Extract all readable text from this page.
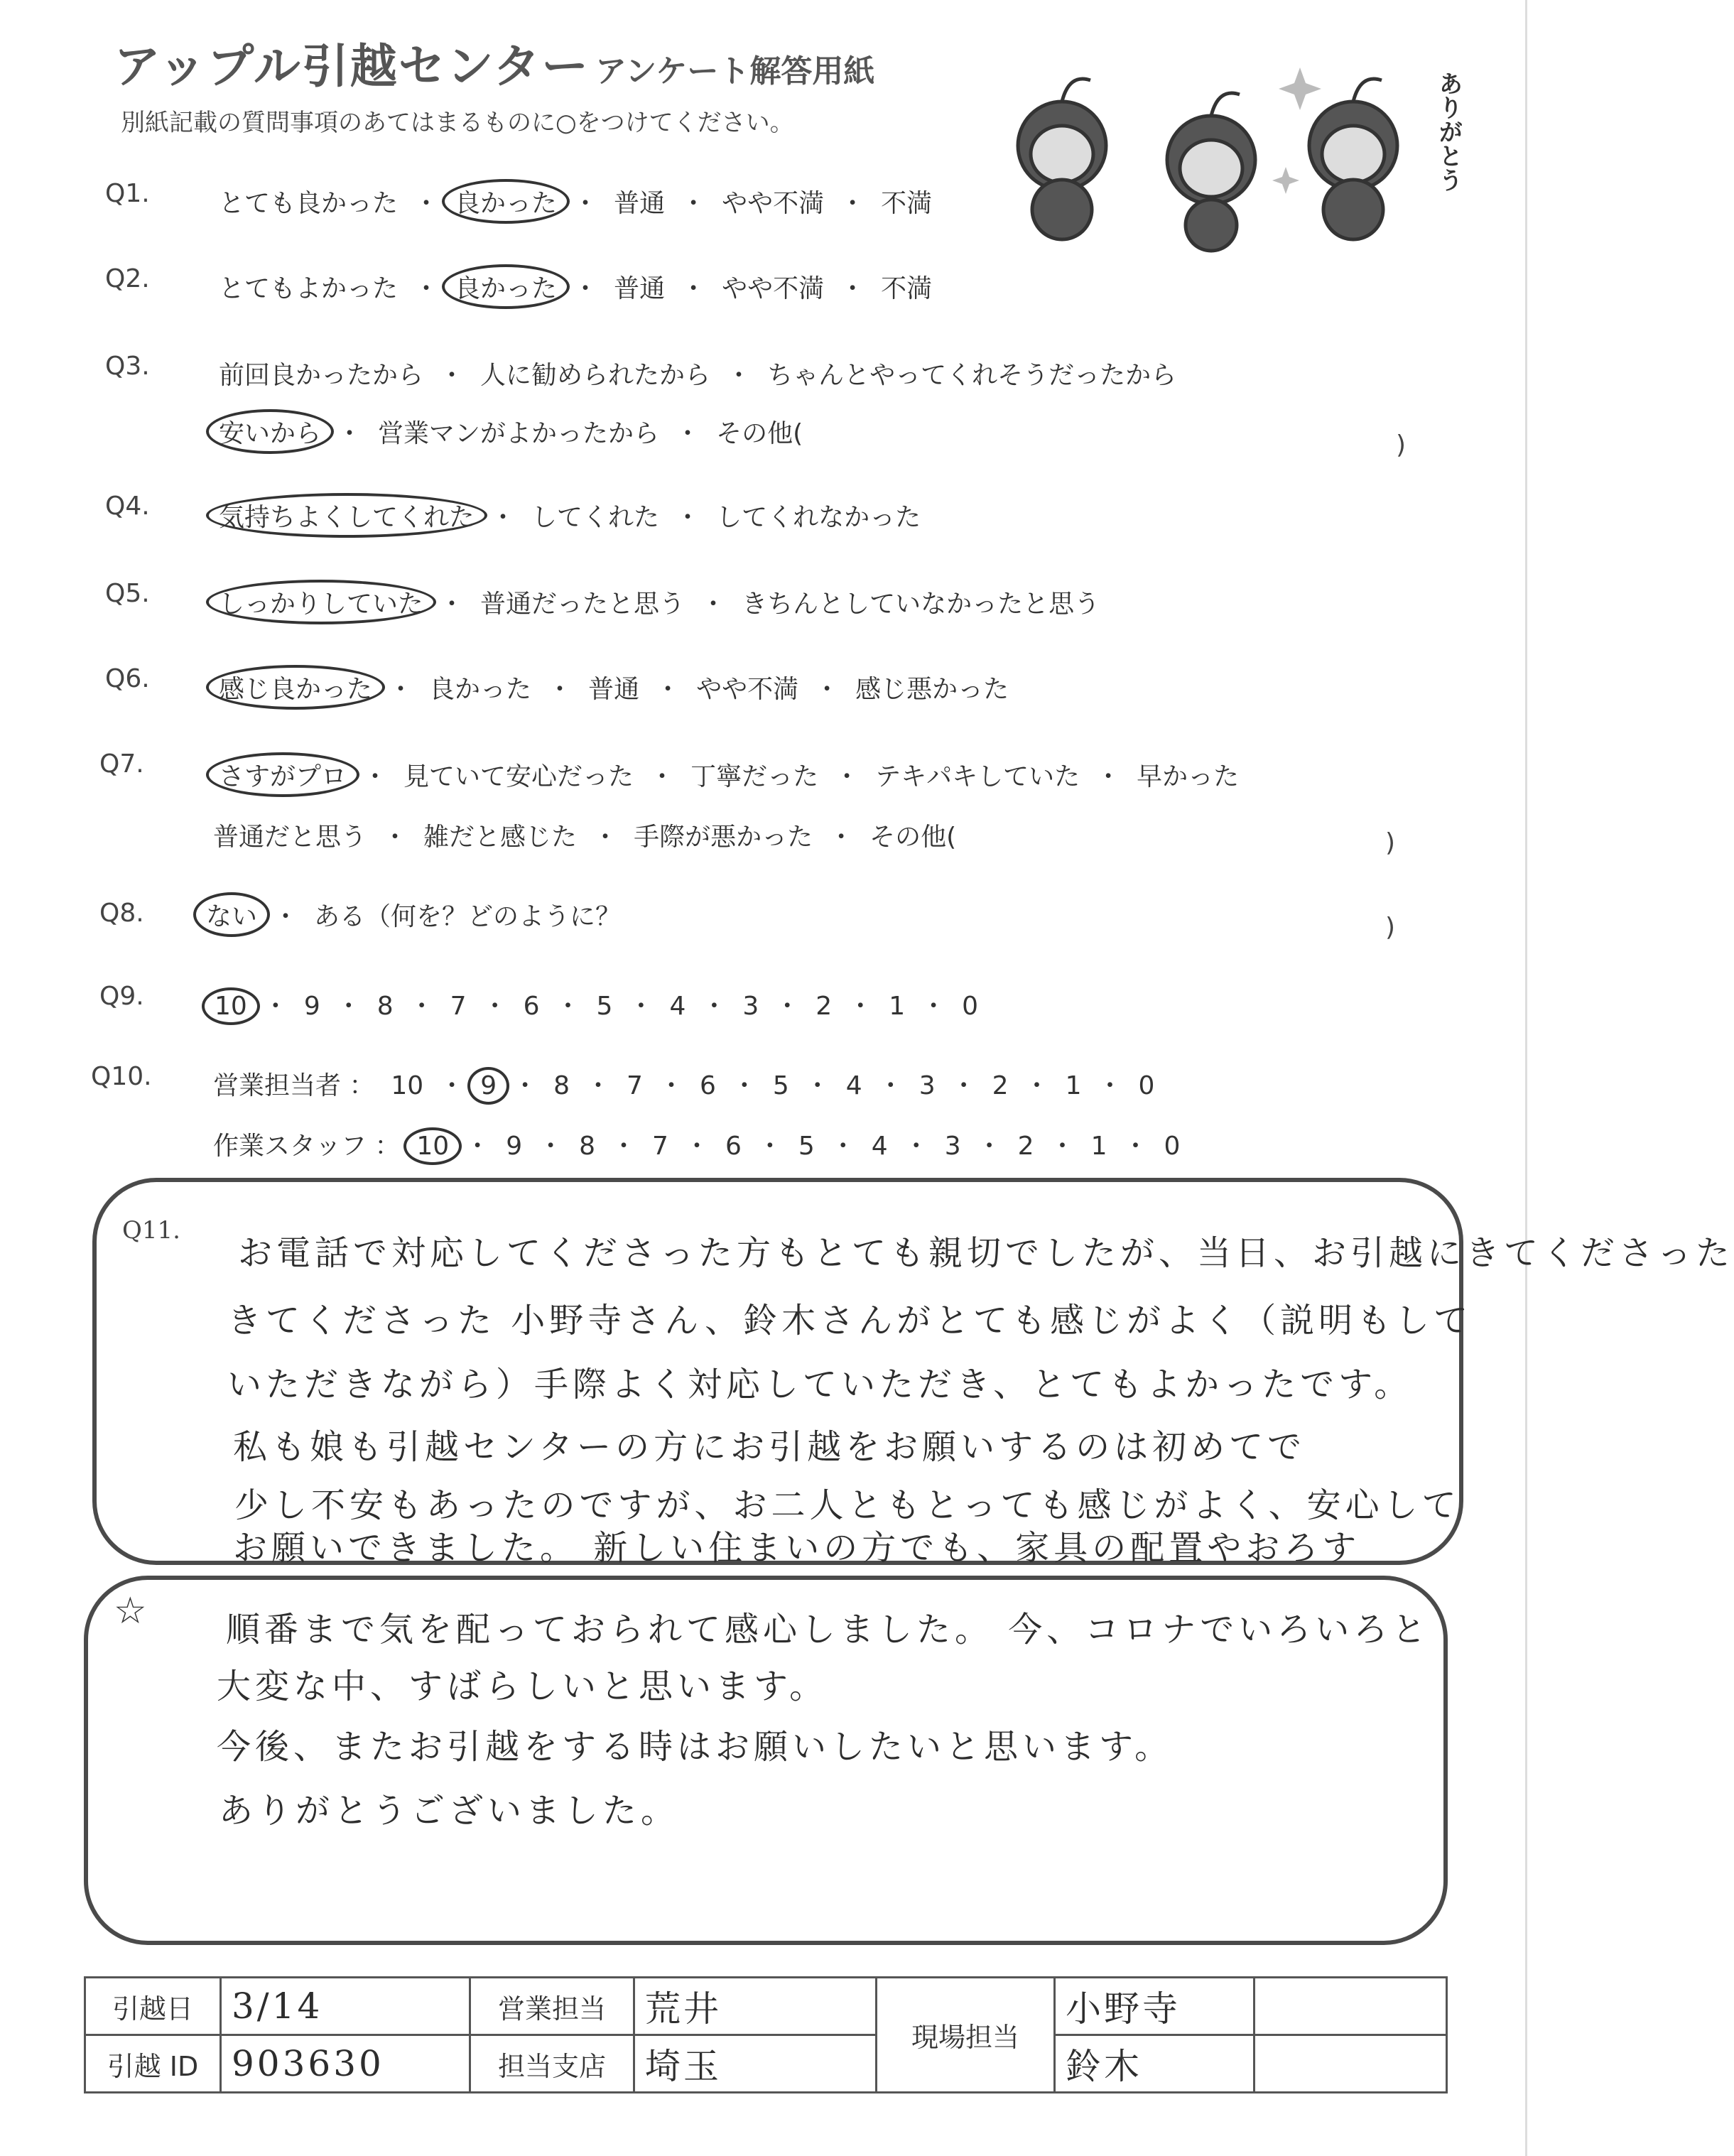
アップル引越センター アンケート解答用紙
別紙記載の質問事項のあてはまるものに○をつけてください。	ありがとう
Q1.	とても良かった ・ 良かった ・ 普通 ・ やや不満 ・ 不満
Q2.	とてもよかった ・ 良かった ・ 普通 ・ やや不満 ・ 不満
Q3.	前回良かったから ・ 人に勧められたから ・ ちゃんとやってくれそうだったから
安いから ・ 営業マンがよかったから ・ その他(	)
Q4.	気持ちよくしてくれた ・ してくれた ・ してくれなかった
Q5.	しっかりしていた ・ 普通だったと思う ・ きちんとしていなかったと思う
Q6.	感じ良かった ・ 良かった ・ 普通 ・ やや不満 ・ 感じ悪かった
Q7.	さすがプロ ・ 見ていて安心だった ・ 丁寧だった ・ テキパキしていた ・ 早かった
普通だと思う ・ 雑だと感じた ・ 手際が悪かった ・ その他(	)
Q8. ない ・ ある（何を？どのように？	)
Q9.	10 ・ 9 ・ 8 ・ 7 ・ 6 ・ 5 ・ 4 ・ 3 ・ 2 ・ 1 ・ 0
Q10. 営業担当者 ：  10 ・ 9 ・ 8 ・ 7 ・ 6 ・ 5 ・ 4 ・ 3 ・ 2 ・ 1 ・ 0
作業スタッフ ：  10 ・ 9 ・ 8 ・ 7 ・ 6 ・ 5 ・ 4 ・ 3 ・ 2 ・ 1 ・ 0
Q11.
お電話で対応してくださった方もとても親切でしたが、当日、お引越にきてくださった
きてくださった 小野寺さん、鈴木さんがとても感じがよく（説明もして
いただきながら）手際よく対応していただき、とてもよかったです。
私も娘も引越センターの方にお引越をお願いするのは初めてで
少し不安もあったのですが、お二人ともとっても感じがよく、安心して
お願いできました。 新しい住まいの方でも、家具の配置やおろす
☆ 順番まで気を配っておられて感心しました。 今、コロナでいろいろと
大変な中、すばらしいと思います。
今後、またお引越をする時はお願いしたいと思います。
ありがとうございました。
引越日	3/14	営業担当	荒井	現場担当	小野寺	
引越 ID	903630	担当支店	埼玉		鈴木	
